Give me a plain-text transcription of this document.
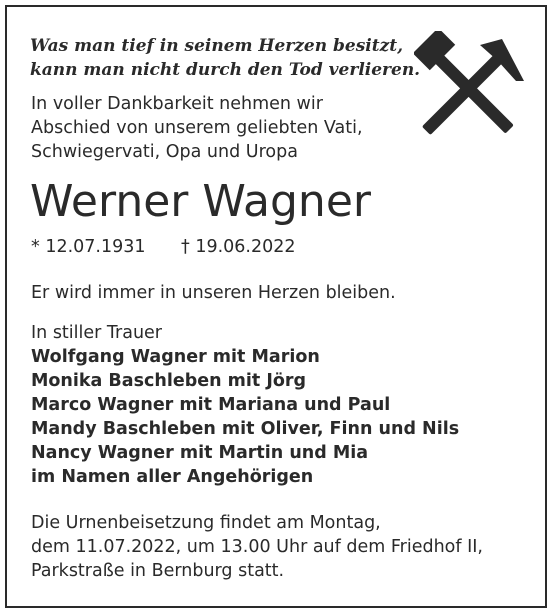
Was man tief in seinem Herzen besitzt,
kann man nicht durch den Tod verlieren.
In voller Dankbarkeit nehmen wir
Abschied von unserem geliebten Vati,
Schwiegervati, Opa und Uropa
Werner Wagner
* 12.07.1931 † 19.06.2022
Er wird immer in unseren Herzen bleiben.
In stiller Trauer
Wolfgang Wagner mit Marion
Monika Baschleben mit Jörg
Marco Wagner mit Mariana und Paul
Mandy Baschleben mit Oliver, Finn und Nils
Nancy Wagner mit Martin und Mia
im Namen aller Angehörigen
Die Urnenbeisetzung findet am Montag,
dem 11.07.2022, um 13.00 Uhr auf dem Friedhof II,
Parkstraße in Bernburg statt.
